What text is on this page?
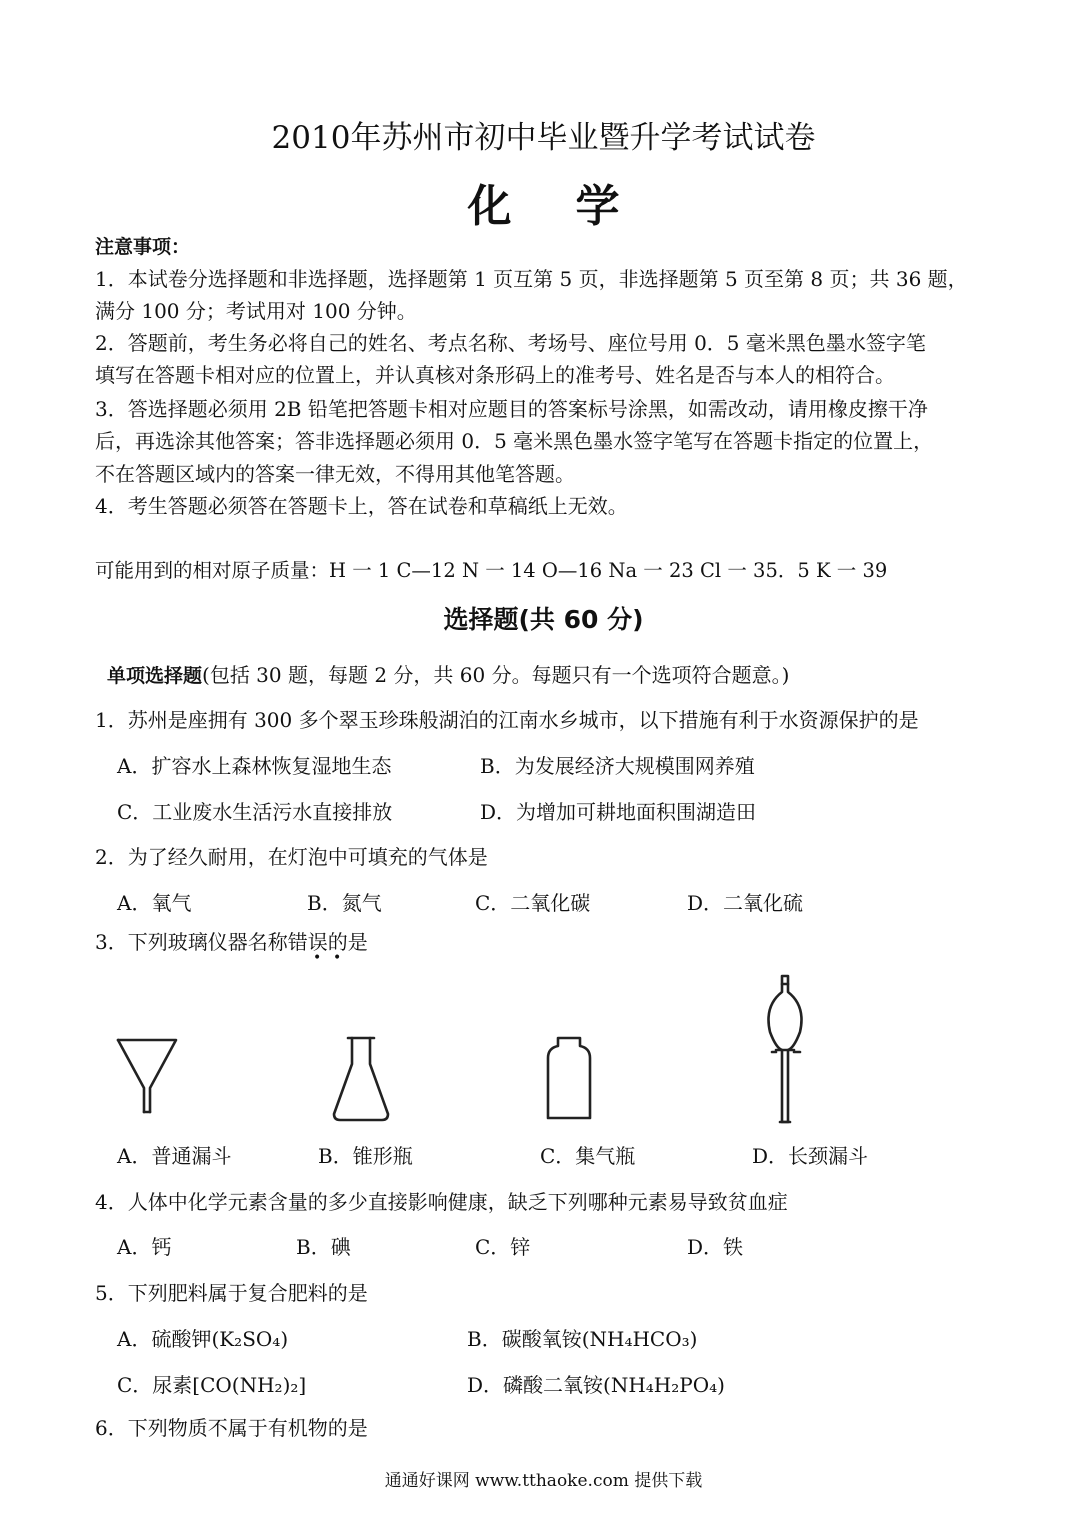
2010年苏州市初中毕业暨升学考试试卷
化学
注意事项：
1．本试卷分选择题和非选择题，选择题第 1 页互第 5 页，非选择题第 5 页至第 8 页；共 36 题，
满分 100 分；考试用对 100 分钟。
2．答题前，考生务必将自己的姓名、考点名称、考场号、座位号用 0．5 毫米黑色墨水签字笔
填写在答题卡相对应的位置上，并认真核对条形码上的准考号、姓名是否与本人的相符合。
3．答选择题必须用 2B 铅笔把答题卡相对应题目的答案标号涂黑，如需改动，请用橡皮擦干净
后，再选涂其他答案；答非选择题必须用 0．5 毫米黑色墨水签字笔写在答题卡指定的位置上，
不在答题区域内的答案一律无效，不得用其他笔答题。
4．考生答题必须答在答题卡上，答在试卷和草稿纸上无效。
可能用到的相对原子质量：H 一 1 C—12 N 一 14 O—16 Na 一 23 Cl 一 35．5 K 一 39
选择题(共 60 分)
单项选择题(包括 30 题，每题 2 分，共 60 分。每题只有一个选项符合题意。)
1．苏州是座拥有 300 多个翠玉珍珠般湖泊的江南水乡城市，以下措施有利于水资源保护的是
A．扩容水上森林恢复湿地生态	B．为发展经济大规模围网养殖
C．工业废水生活污水直接排放	D．为增加可耕地面积围湖造田
2．为了经久耐用，在灯泡中可填充的气体是
A．氧气	B．氮气	C．二氧化碳	D．二氧化硫
3．下列玻璃仪器名称错误的是
• •
A．普通漏斗	B．锥形瓶	C．集气瓶	D．长颈漏斗
4．人体中化学元素含量的多少直接影响健康，缺乏下列哪种元素易导致贫血症
A．钙	B．碘	C．锌	D．铁
5．下列肥料属于复合肥料的是
A．硫酸钾(K₂SO₄)	B．碳酸氧铵(NH₄HCO₃)
C．尿素[CO(NH₂)₂]	D．磷酸二氧铵(NH₄H₂PO₄)
6．下列物质不属于有机物的是
通通好课网 www.tthaoke.com 提供下载
